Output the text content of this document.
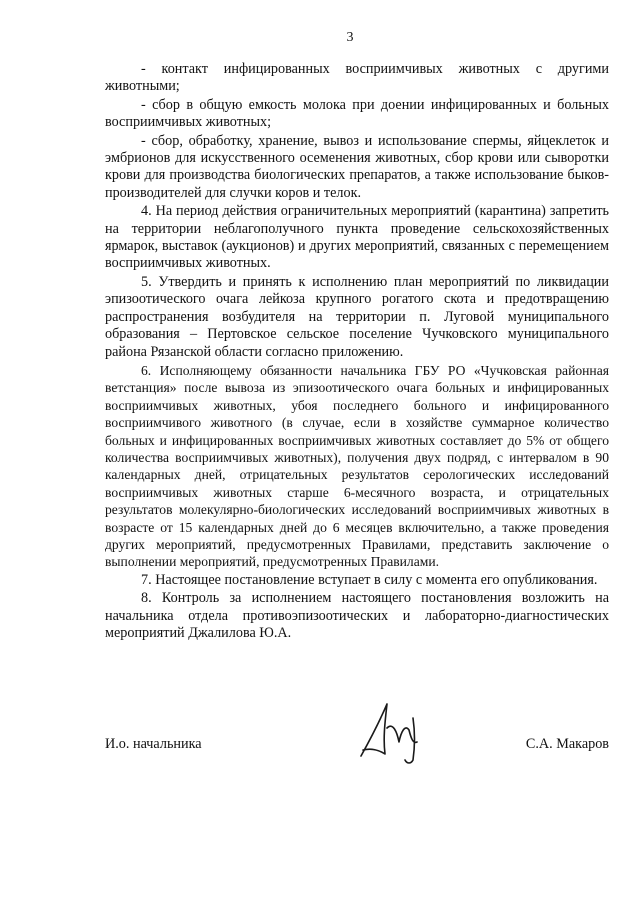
3

- контакт инфицированных восприимчивых животных с другими животными;

- сбор в общую емкость молока при доении инфицированных и больных восприимчивых животных;

- сбор, обработку, хранение, вывоз и использование спермы, яйцеклеток и эмбрионов для искусственного осеменения животных, сбор крови или сыворотки крови для производства биологических препаратов, а также использование быков-производителей для случки коров и телок.

4. На период действия ограничительных мероприятий (карантина) запретить на территории неблагополучного пункта проведение сельскохозяйственных ярмарок, выставок (аукционов) и других мероприятий, связанных с перемещением восприимчивых животных.

5. Утвердить и принять к исполнению план мероприятий по ликвидации эпизоотического очага лейкоза крупного рогатого скота и предотвращению распространения возбудителя на территории п. Луговой муниципального образования – Пертовское сельское поселение Чучковского муниципального района Рязанской области согласно приложению.

6. Исполняющему обязанности начальника ГБУ РО «Чучковская районная ветстанция» после вывоза из эпизоотического очага больных и инфицированных восприимчивых животных, убоя последнего больного и инфицированного восприимчивого животного (в случае, если в хозяйстве суммарное количество больных и инфицированных восприимчивых животных составляет до 5% от общего количества восприимчивых животных), получения двух подряд, с интервалом в 90 календарных дней, отрицательных результатов серологических исследований восприимчивых животных старше 6-месячного возраста, и отрицательных результатов молекулярно-биологических исследований восприимчивых животных в возрасте от 15 календарных дней до 6 месяцев включительно, а также проведения других мероприятий, предусмотренных Правилами, представить заключение о выполнении мероприятий, предусмотренных Правилами.

7. Настоящее постановление вступает в силу с момента его опубликования.

8. Контроль за исполнением настоящего постановления возложить на начальника отдела противоэпизоотических и лабораторно-диагностических мероприятий Джалилова Ю.А.

И.о. начальника	С.А. Макаров
